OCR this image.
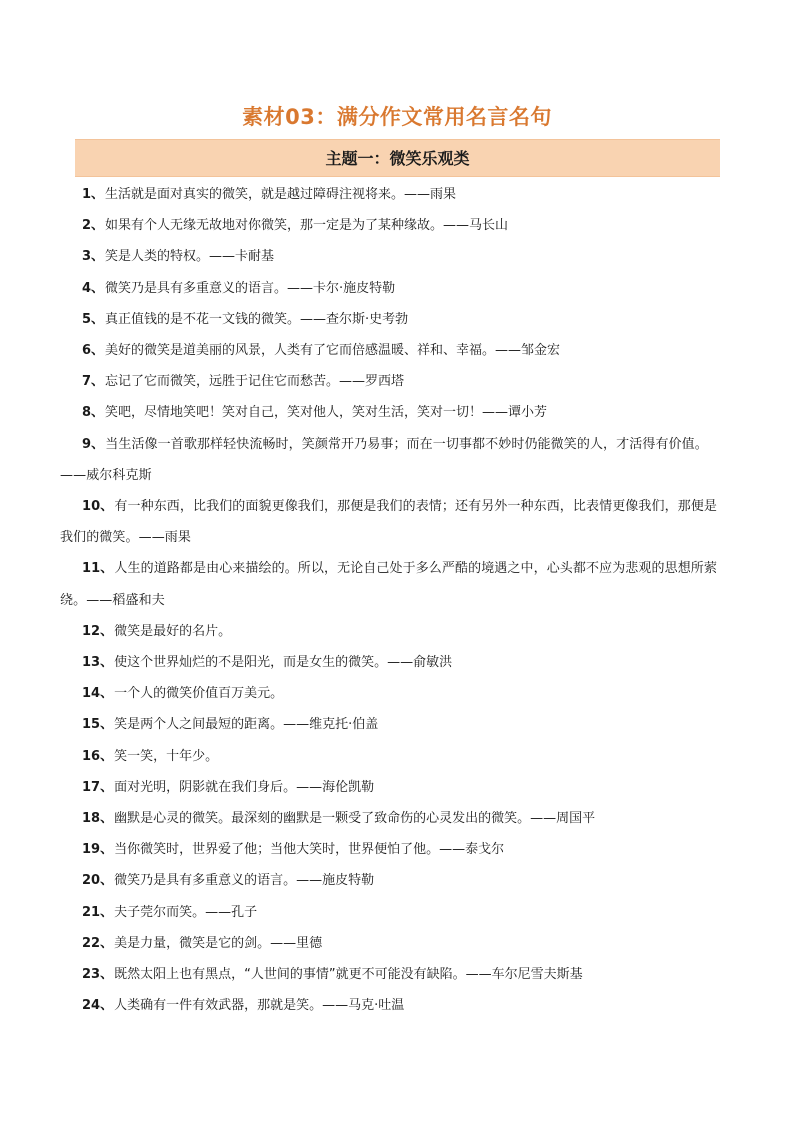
素材03：满分作文常用名言名句
主题一：微笑乐观类
1、生活就是面对真实的微笑，就是越过障碍注视将来。——雨果
2、如果有个人无缘无故地对你微笑，那一定是为了某种缘故。——马长山
3、笑是人类的特权。——卡耐基
4、微笑乃是具有多重意义的语言。——卡尔·施皮特勒
5、真正值钱的是不花一文钱的微笑。——查尔斯·史考勃
6、美好的微笑是道美丽的风景，人类有了它而倍感温暖、祥和、幸福。——邹金宏
7、忘记了它而微笑，远胜于记住它而愁苦。——罗西塔
8、笑吧，尽情地笑吧！笑对自己，笑对他人，笑对生活，笑对一切！——谭小芳
9、当生活像一首歌那样轻快流畅时，笑颜常开乃易事；而在一切事都不妙时仍能微笑的人，才活得有价值。——威尔科克斯
10、有一种东西，比我们的面貌更像我们，那便是我们的表情；还有另外一种东西，比表情更像我们，那便是我们的微笑。——雨果
11、人生的道路都是由心来描绘的。所以，无论自己处于多么严酷的境遇之中，心头都不应为悲观的思想所萦绕。——稻盛和夫
12、微笑是最好的名片。
13、使这个世界灿烂的不是阳光，而是女生的微笑。——俞敏洪
14、一个人的微笑价值百万美元。
15、笑是两个人之间最短的距离。——维克托·伯盖
16、笑一笑，十年少。
17、面对光明，阴影就在我们身后。——海伦凯勒
18、幽默是心灵的微笑。最深刻的幽默是一颗受了致命伤的心灵发出的微笑。——周国平
19、当你微笑时，世界爱了他；当他大笑时，世界便怕了他。——泰戈尔
20、微笑乃是具有多重意义的语言。——施皮特勒
21、夫子莞尔而笑。——孔子
22、美是力量，微笑是它的剑。——里德
23、既然太阳上也有黑点，“人世间的事情”就更不可能没有缺陷。——车尔尼雪夫斯基
24、人类确有一件有效武器，那就是笑。——马克·吐温
